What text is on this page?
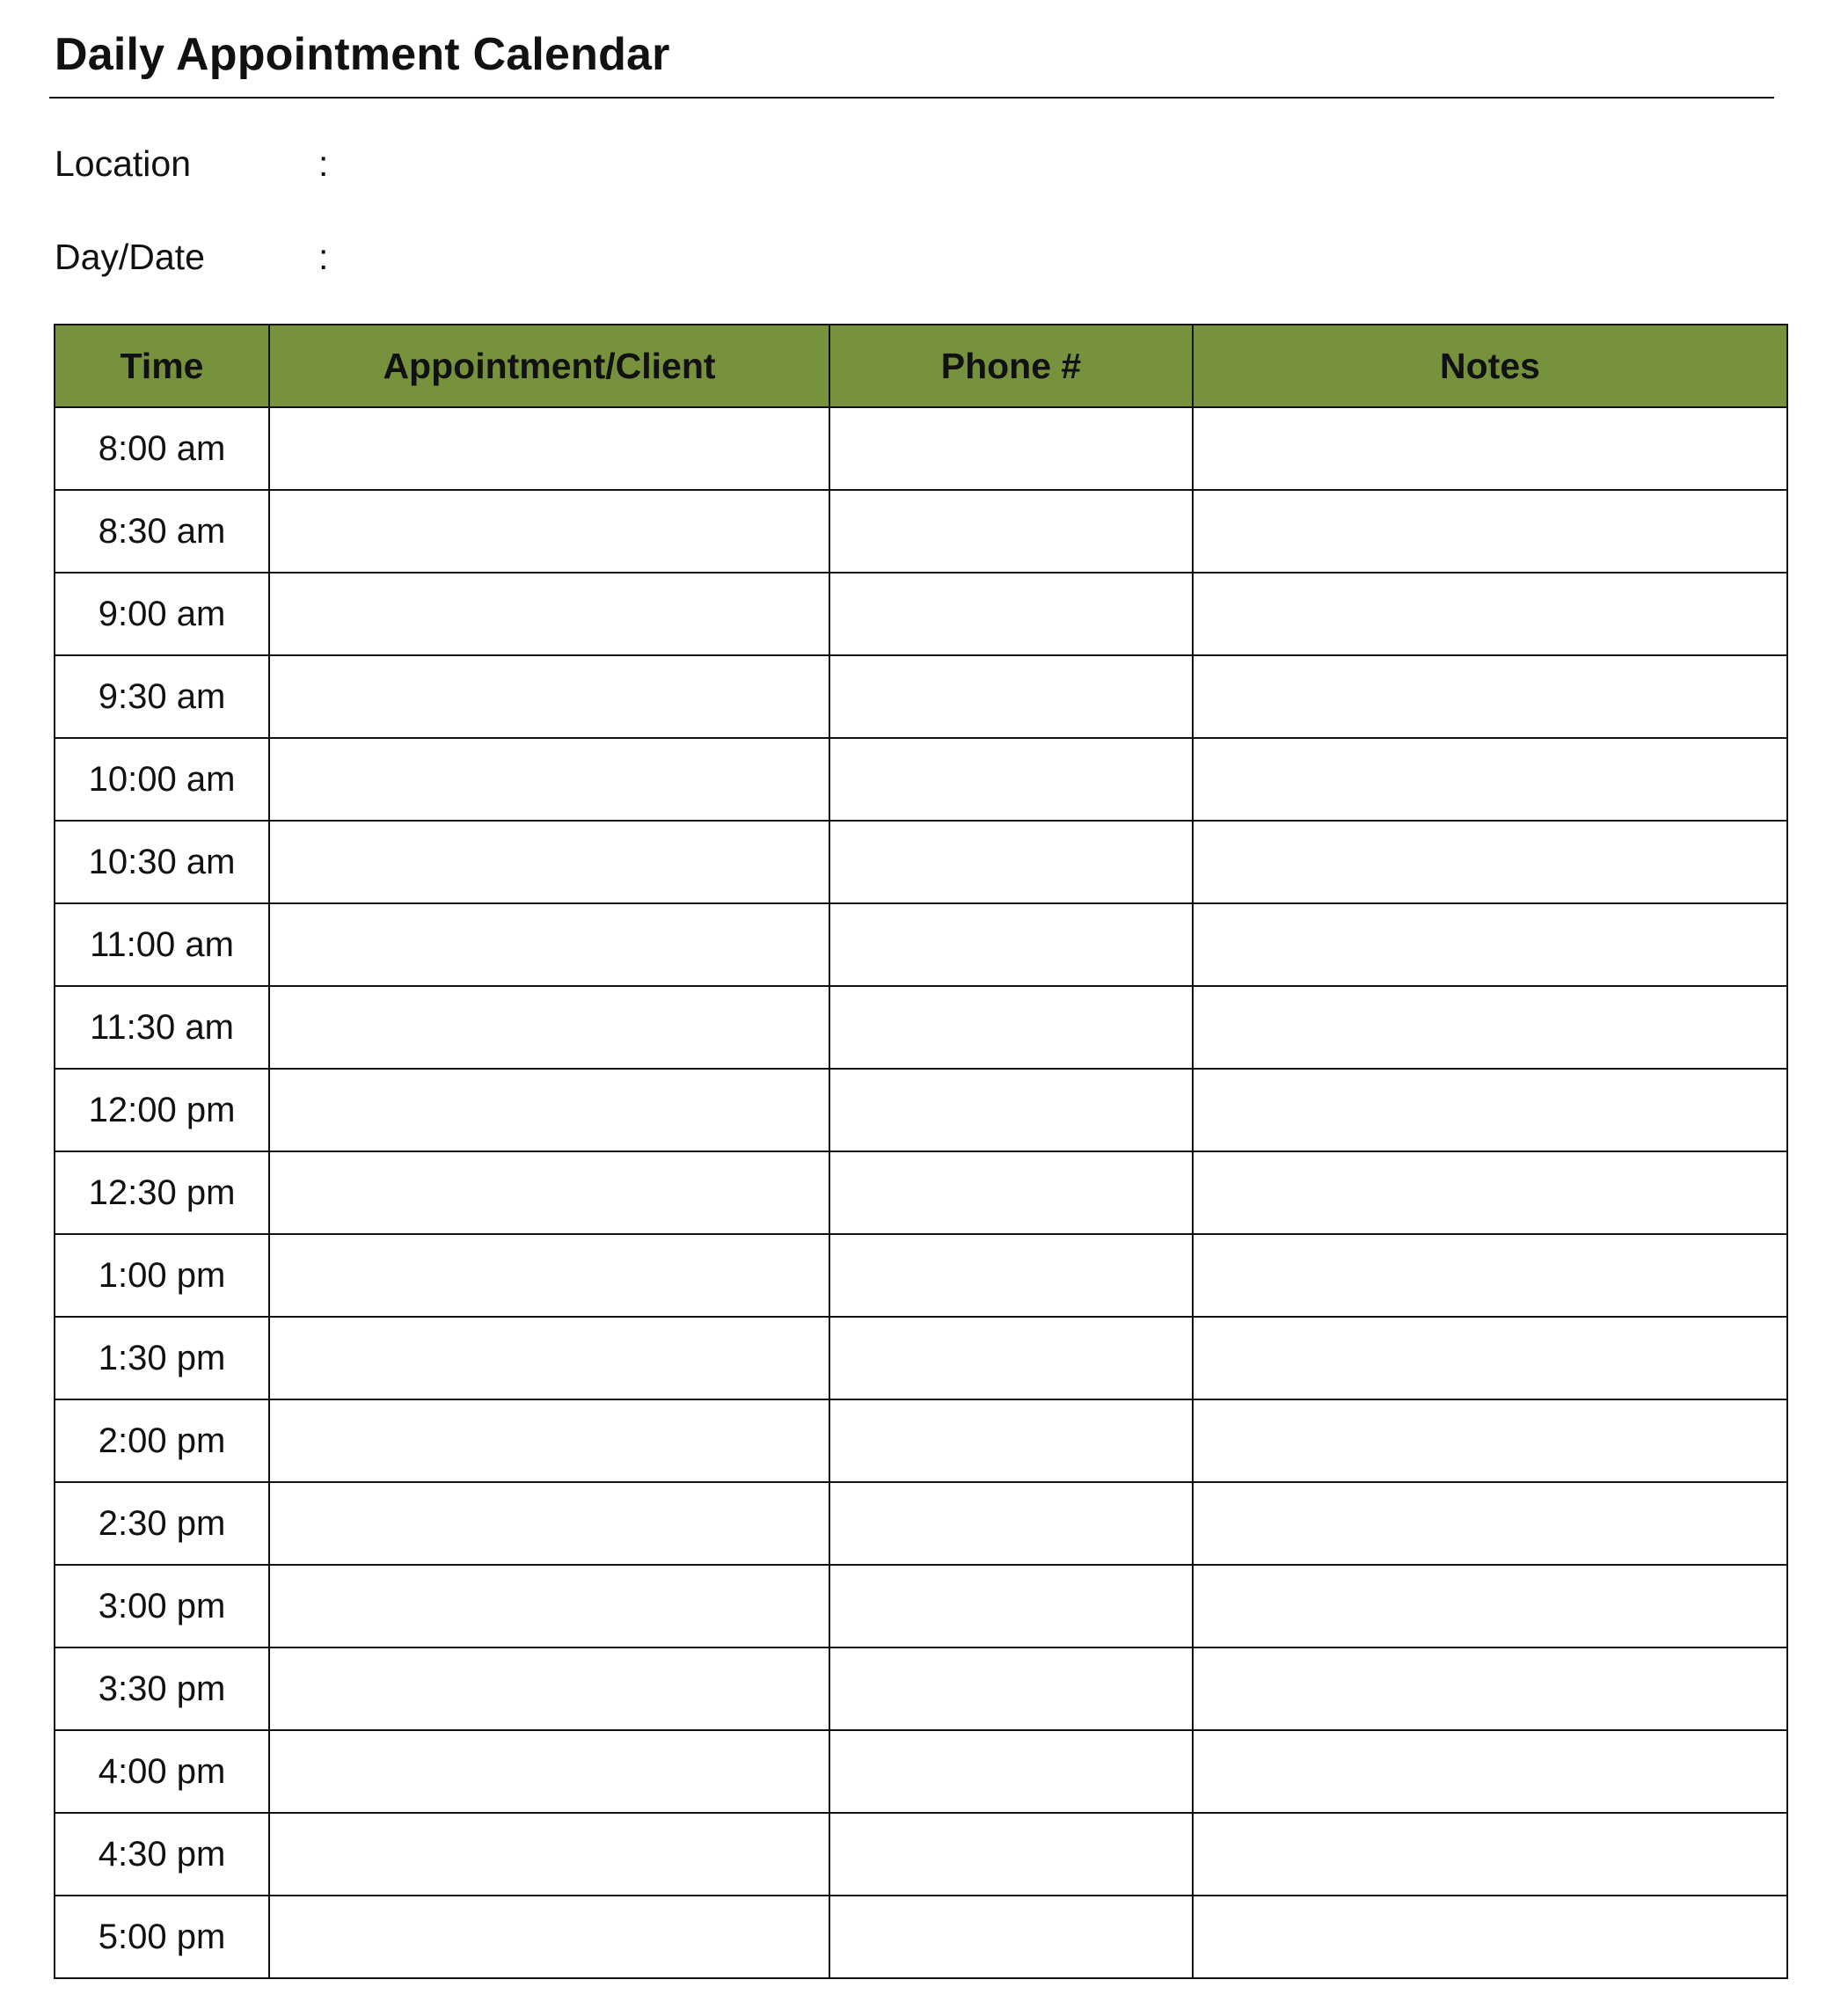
Daily Appointment Calendar
Location	:
Day/Date	:
Time	Appointment/Client	Phone #	Notes
8:00 am			
8:30 am			
9:00 am			
9:30 am			
10:00 am			
10:30 am			
11:00 am			
11:30 am			
12:00 pm			
12:30 pm			
1:00 pm			
1:30 pm			
2:00 pm			
2:30 pm			
3:00 pm			
3:30 pm			
4:00 pm			
4:30 pm			
5:00 pm			
